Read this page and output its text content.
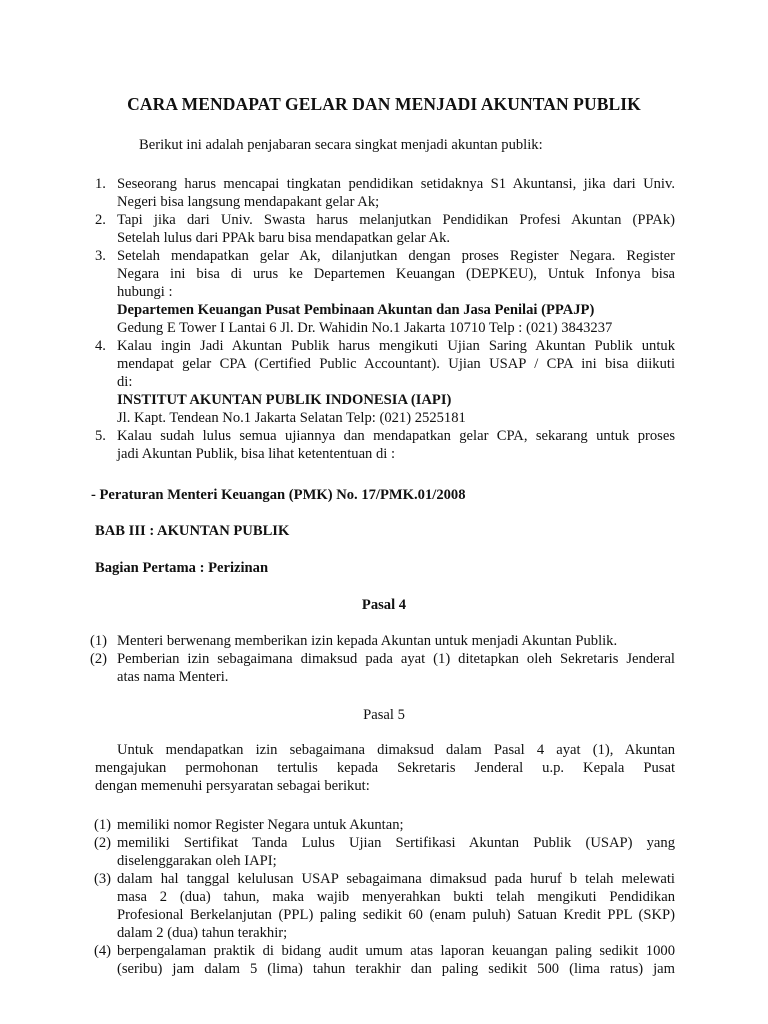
CARA MENDAPAT GELAR DAN MENJADI AKUNTAN PUBLIK
Berikut ini adalah penjabaran secara singkat menjadi akuntan publik:
1. Seseorang harus mencapai tingkatan pendidikan setidaknya S1 Akuntansi, jika dari Univ.
Negeri bisa langsung mendapakant gelar Ak;
2. Tapi jika dari Univ. Swasta harus melanjutkan Pendidikan Profesi Akuntan (PPAk)
Setelah lulus dari PPAk baru bisa mendapatkan gelar Ak.
3. Setelah mendapatkan gelar Ak, dilanjutkan dengan proses Register Negara. Register
Negara ini bisa di urus ke Departemen Keuangan (DEPKEU), Untuk Infonya bisa
hubungi :
Departemen Keuangan Pusat Pembinaan Akuntan dan Jasa Penilai (PPAJP)
Gedung E Tower I Lantai 6 Jl. Dr. Wahidin No.1 Jakarta 10710 Telp : (021) 3843237
4. Kalau ingin Jadi Akuntan Publik harus mengikuti Ujian Saring Akuntan Publik untuk
mendapat gelar CPA (Certified Public Accountant). Ujian USAP / CPA ini bisa diikuti
di:
INSTITUT AKUNTAN PUBLIK INDONESIA (IAPI)
Jl. Kapt. Tendean No.1 Jakarta Selatan Telp: (021) 2525181
5. Kalau sudah lulus semua ujiannya dan mendapatkan gelar CPA, sekarang untuk proses
jadi Akuntan Publik, bisa lihat ketententuan di :
- Peraturan Menteri Keuangan (PMK) No. 17/PMK.01/2008
BAB III : AKUNTAN PUBLIK
Bagian Pertama : Perizinan
Pasal 4
(1) Menteri berwenang memberikan izin kepada Akuntan untuk menjadi Akuntan Publik.
(2) Pemberian izin sebagaimana dimaksud pada ayat (1) ditetapkan oleh Sekretaris Jenderal
atas nama Menteri.
Pasal 5
Untuk mendapatkan izin sebagaimana dimaksud dalam Pasal 4 ayat (1), Akuntan
mengajukan permohonan tertulis kepada Sekretaris Jenderal u.p. Kepala Pusat
dengan memenuhi persyaratan sebagai berikut:
(1) memiliki nomor Register Negara untuk Akuntan;
(2) memiliki Sertifikat Tanda Lulus Ujian Sertifikasi Akuntan Publik (USAP) yang
diselenggarakan oleh IAPI;
(3) dalam hal tanggal kelulusan USAP sebagaimana dimaksud pada huruf b telah melewati
masa 2 (dua) tahun, maka wajib menyerahkan bukti telah mengikuti Pendidikan
Profesional Berkelanjutan (PPL) paling sedikit 60 (enam puluh) Satuan Kredit PPL (SKP)
dalam 2 (dua) tahun terakhir;
(4) berpengalaman praktik di bidang audit umum atas laporan keuangan paling sedikit 1000
(seribu) jam dalam 5 (lima) tahun terakhir dan paling sedikit 500 (lima ratus) jam
